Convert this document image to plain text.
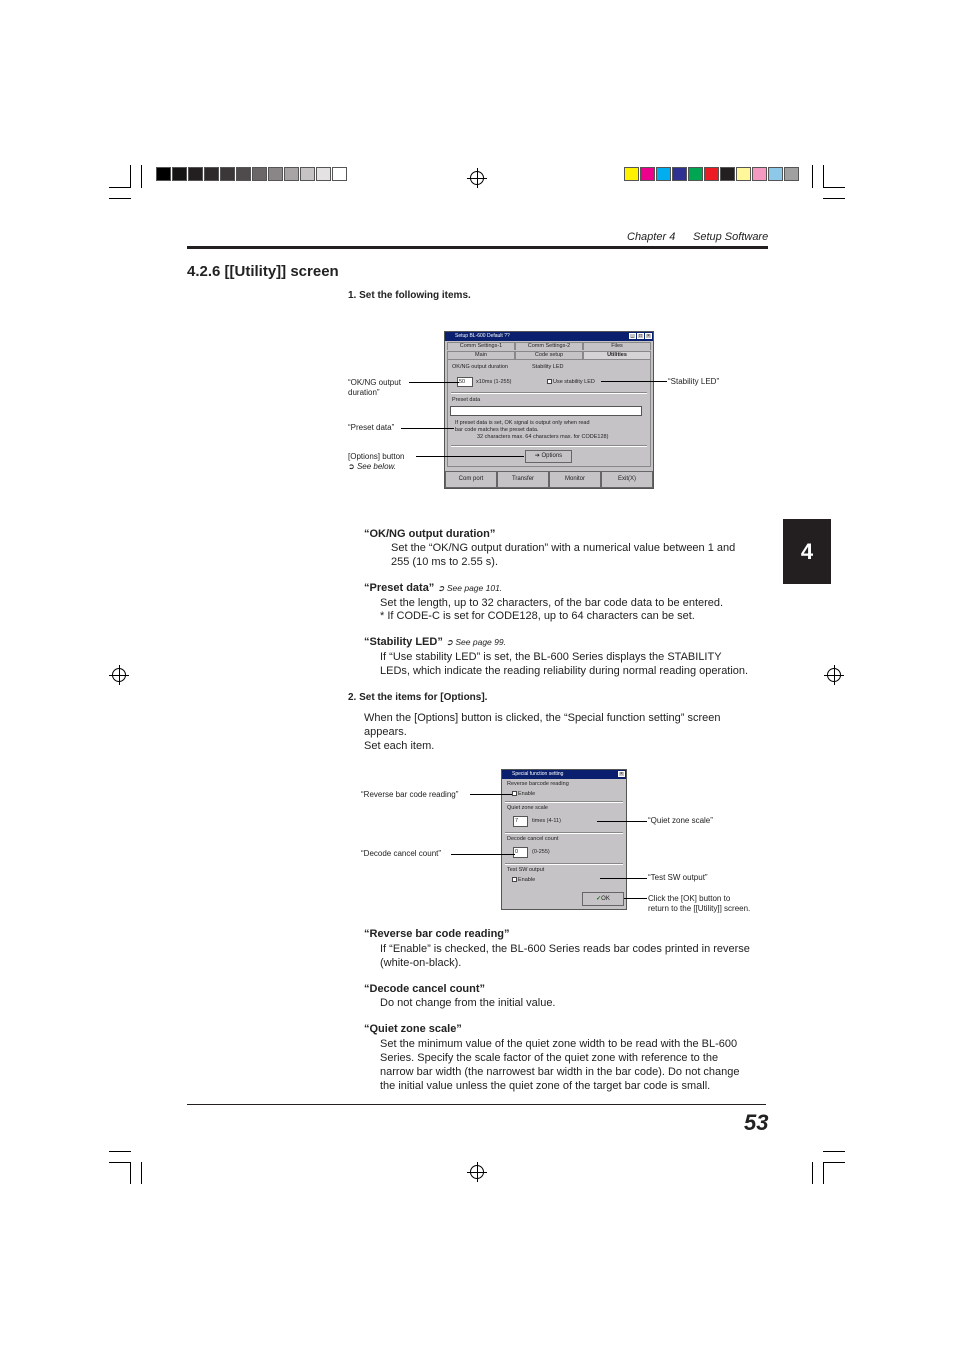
Chapter 4 Setup Software
4.2.6 [[Utility]] screen
1. Set the following items.
Setup BL-600 Default ??	_	□	×
Comm Settings-1	Comm Settings-2	Files
Main	Code setup	Utilities
OK/NG output duration	Stability LED
50	x10ms (1-255)	Use stability LED
Preset data
If preset data is set, OK signal is output only when read
bar code matches the preset data.
32 characters max. 64 characters max. for CODE128)
➔ Options
Com port	Transfer	Monitor	Exit(X)
“OK/NG output
duration”
“Preset data”
[Options] button
➲ See below.
“Stability LED”
4
“OK/NG output duration”
Set the “OK/NG output duration” with a numerical value between 1 and
255 (10 ms to 2.55 s).
“Preset data” ➲ See page 101.
Set the length, up to 32 characters, of the bar code data to be entered.
* If CODE-C is set for CODE128, up to 64 characters can be set.
“Stability LED” ➲ See page 99.
If “Use stability LED” is set, the BL-600 Series displays the STABILITY
LEDs, which indicate the reading reliability during normal reading operation.
2. Set the items for [Options].
When the [Options] button is clicked, the “Special function setting” screen
appears.
Set each item.
Special function setting	×
Reverse barcode reading
Enable
Quiet zone scale
7	times (4-11)
Decode cancel count
0	(0-255)
Test SW output
Enable
✓OK
“Reverse bar code reading”
“Decode cancel count”
“Quiet zone scale”
“Test SW output”
Click the [OK] button to
return to the [[Utility]] screen.
“Reverse bar code reading”
If “Enable” is checked, the BL-600 Series reads bar codes printed in reverse
(white-on-black).
“Decode cancel count”
Do not change from the initial value.
“Quiet zone scale”
Set the minimum value of the quiet zone width to be read with the BL-600
Series. Specify the scale factor of the quiet zone with reference to the
narrow bar width (the narrowest bar width in the bar code). Do not change
the initial value unless the quiet zone of the target bar code is small.
53
